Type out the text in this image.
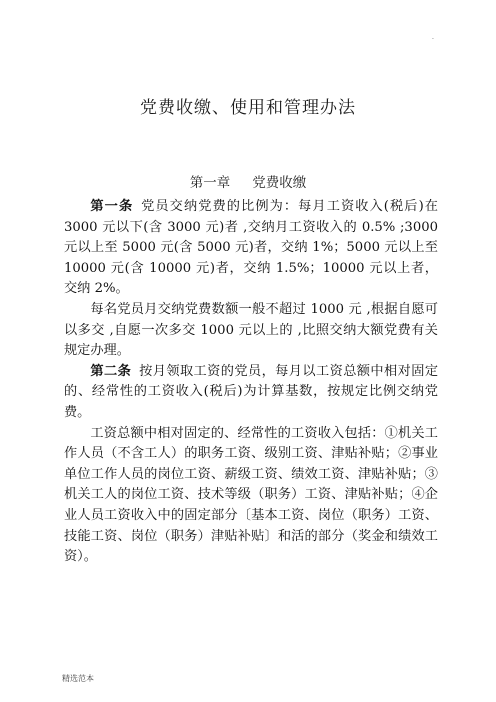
.
党费收缴、使用和管理办法
第一章 党费收缴

第一条 党员交纳党费的比例为：每月工资收入(税后)在 3000 元以下(含 3000 元)者 ,交纳月工资收入的 0.5% ;3000 元以上至 5000 元(含 5000 元)者，交纳 1%；5000 元以上至 10000 元(含 10000 元)者，交纳 1.5%；10000 元以上者，交纳 2%。

每名党员月交纳党费数额一般不超过 1000 元 ,根据自愿可以多交 ,自愿一次多交 1000 元以上的 ,比照交纳大额党费有关规定办理。

第二条 按月领取工资的党员，每月以工资总额中相对固定的、经常性的工资收入(税后)为计算基数，按规定比例交纳党费。

工资总额中相对固定的、经常性的工资收入包括：①机关工作人员（不含工人）的职务工资、级别工资、津贴补贴；②事业单位工作人员的岗位工资、薪级工资、绩效工资、津贴补贴；③机关工人的岗位工资、技术等级（职务）工资、津贴补贴；④企业人员工资收入中的固定部分〔基本工资、岗位（职务）工资、技能工资、岗位（职务）津贴补贴〕和活的部分（奖金和绩效工资）。

精选范本
